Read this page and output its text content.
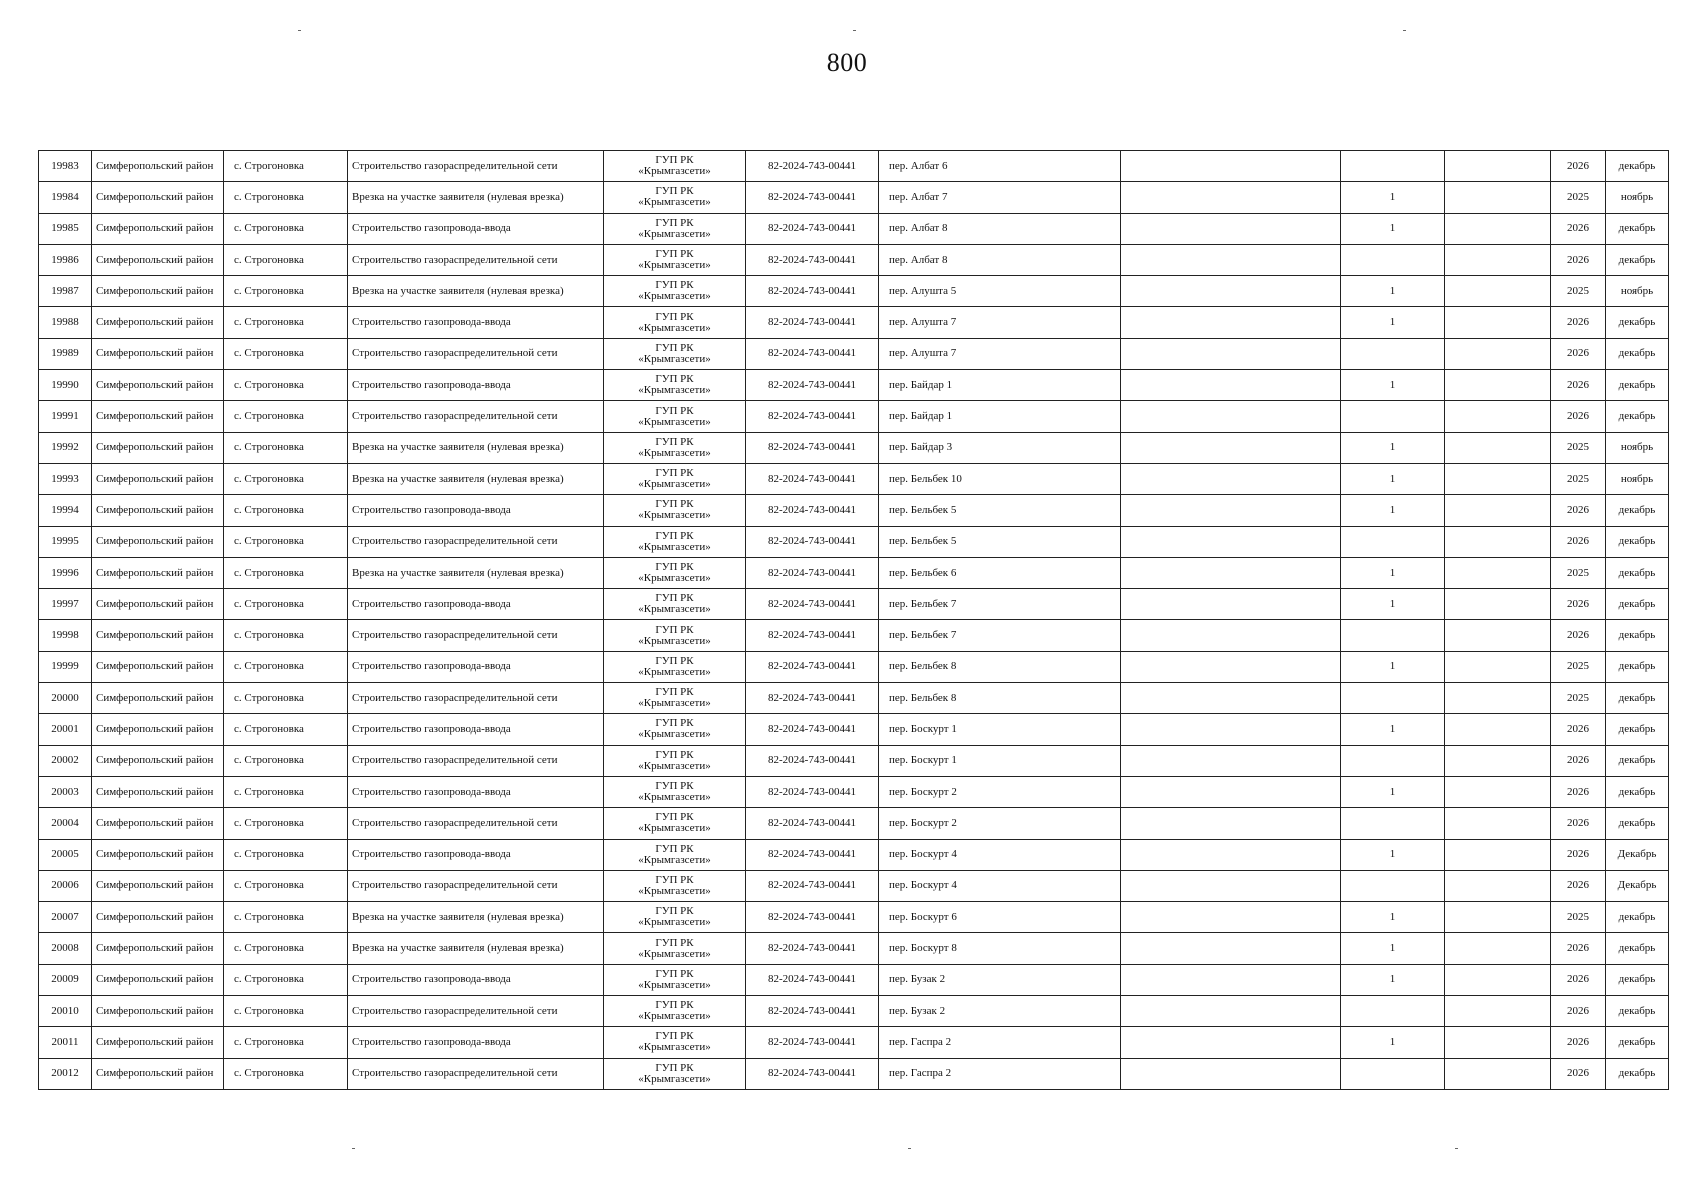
800
19983	Симферопольский район	с. Строгоновка	Строительство газораспределительной сети	ГУП РК
«Крымгазсети»	82-2024-743-00441	пер. Албат 6				2026	декабрь
19984	Симферопольский район	с. Строгоновка	Врезка на участке заявителя (нулевая врезка)	ГУП РК
«Крымгазсети»	82-2024-743-00441	пер. Албат 7		1		2025	ноябрь
19985	Симферопольский район	с. Строгоновка	Строительство газопровода-ввода	ГУП РК
«Крымгазсети»	82-2024-743-00441	пер. Албат 8		1		2026	декабрь
19986	Симферопольский район	с. Строгоновка	Строительство газораспределительной сети	ГУП РК
«Крымгазсети»	82-2024-743-00441	пер. Албат 8				2026	декабрь
19987	Симферопольский район	с. Строгоновка	Врезка на участке заявителя (нулевая врезка)	ГУП РК
«Крымгазсети»	82-2024-743-00441	пер. Алушта 5		1		2025	ноябрь
19988	Симферопольский район	с. Строгоновка	Строительство газопровода-ввода	ГУП РК
«Крымгазсети»	82-2024-743-00441	пер. Алушта 7		1		2026	декабрь
19989	Симферопольский район	с. Строгоновка	Строительство газораспределительной сети	ГУП РК
«Крымгазсети»	82-2024-743-00441	пер. Алушта 7				2026	декабрь
19990	Симферопольский район	с. Строгоновка	Строительство газопровода-ввода	ГУП РК
«Крымгазсети»	82-2024-743-00441	пер. Байдар 1		1		2026	декабрь
19991	Симферопольский район	с. Строгоновка	Строительство газораспределительной сети	ГУП РК
«Крымгазсети»	82-2024-743-00441	пер. Байдар 1				2026	декабрь
19992	Симферопольский район	с. Строгоновка	Врезка на участке заявителя (нулевая врезка)	ГУП РК
«Крымгазсети»	82-2024-743-00441	пер. Байдар 3		1		2025	ноябрь
19993	Симферопольский район	с. Строгоновка	Врезка на участке заявителя (нулевая врезка)	ГУП РК
«Крымгазсети»	82-2024-743-00441	пер. Бельбек 10		1		2025	ноябрь
19994	Симферопольский район	с. Строгоновка	Строительство газопровода-ввода	ГУП РК
«Крымгазсети»	82-2024-743-00441	пер. Бельбек 5		1		2026	декабрь
19995	Симферопольский район	с. Строгоновка	Строительство газораспределительной сети	ГУП РК
«Крымгазсети»	82-2024-743-00441	пер. Бельбек 5				2026	декабрь
19996	Симферопольский район	с. Строгоновка	Врезка на участке заявителя (нулевая врезка)	ГУП РК
«Крымгазсети»	82-2024-743-00441	пер. Бельбек 6		1		2025	декабрь
19997	Симферопольский район	с. Строгоновка	Строительство газопровода-ввода	ГУП РК
«Крымгазсети»	82-2024-743-00441	пер. Бельбек 7		1		2026	декабрь
19998	Симферопольский район	с. Строгоновка	Строительство газораспределительной сети	ГУП РК
«Крымгазсети»	82-2024-743-00441	пер. Бельбек 7				2026	декабрь
19999	Симферопольский район	с. Строгоновка	Строительство газопровода-ввода	ГУП РК
«Крымгазсети»	82-2024-743-00441	пер. Бельбек 8		1		2025	декабрь
20000	Симферопольский район	с. Строгоновка	Строительство газораспределительной сети	ГУП РК
«Крымгазсети»	82-2024-743-00441	пер. Бельбек 8				2025	декабрь
20001	Симферопольский район	с. Строгоновка	Строительство газопровода-ввода	ГУП РК
«Крымгазсети»	82-2024-743-00441	пер. Боскурт 1		1		2026	декабрь
20002	Симферопольский район	с. Строгоновка	Строительство газораспределительной сети	ГУП РК
«Крымгазсети»	82-2024-743-00441	пер. Боскурт 1				2026	декабрь
20003	Симферопольский район	с. Строгоновка	Строительство газопровода-ввода	ГУП РК
«Крымгазсети»	82-2024-743-00441	пер. Боскурт 2		1		2026	декабрь
20004	Симферопольский район	с. Строгоновка	Строительство газораспределительной сети	ГУП РК
«Крымгазсети»	82-2024-743-00441	пер. Боскурт 2				2026	декабрь
20005	Симферопольский район	с. Строгоновка	Строительство газопровода-ввода	ГУП РК
«Крымгазсети»	82-2024-743-00441	пер. Боскурт 4		1		2026	Декабрь
20006	Симферопольский район	с. Строгоновка	Строительство газораспределительной сети	ГУП РК
«Крымгазсети»	82-2024-743-00441	пер. Боскурт 4				2026	Декабрь
20007	Симферопольский район	с. Строгоновка	Врезка на участке заявителя (нулевая врезка)	ГУП РК
«Крымгазсети»	82-2024-743-00441	пер. Боскурт 6		1		2025	декабрь
20008	Симферопольский район	с. Строгоновка	Врезка на участке заявителя (нулевая врезка)	ГУП РК
«Крымгазсети»	82-2024-743-00441	пер. Боскурт 8		1		2026	декабрь
20009	Симферопольский район	с. Строгоновка	Строительство газопровода-ввода	ГУП РК
«Крымгазсети»	82-2024-743-00441	пер. Бузак 2		1		2026	декабрь
20010	Симферопольский район	с. Строгоновка	Строительство газораспределительной сети	ГУП РК
«Крымгазсети»	82-2024-743-00441	пер. Бузак 2				2026	декабрь
20011	Симферопольский район	с. Строгоновка	Строительство газопровода-ввода	ГУП РК
«Крымгазсети»	82-2024-743-00441	пер. Гаспра 2		1		2026	декабрь
20012	Симферопольский район	с. Строгоновка	Строительство газораспределительной сети	ГУП РК
«Крымгазсети»	82-2024-743-00441	пер. Гаспра 2				2026	декабрь
